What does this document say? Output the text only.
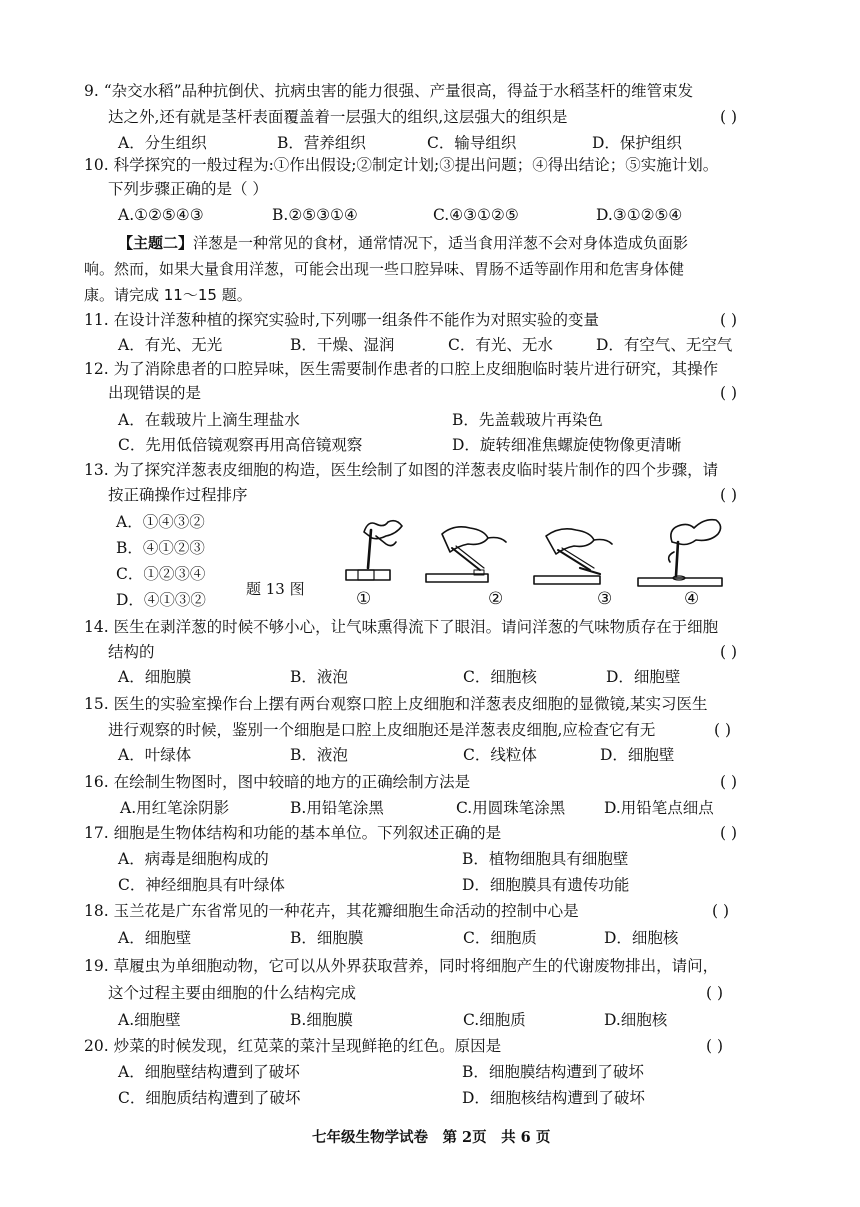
9. “杂交水稻”品种抗倒伏、抗病虫害的能力很强、产量很高，得益于水稻茎杆的维管束发
达之外,还有就是茎杆表面覆盖着一层强大的组织,这层强大的组织是	( )
A．分生组织	B．营养组织	C．输导组织	D．保护组织
10. 科学探究的一般过程为:①作出假设;②制定计划;③提出问题；④得出结论；⑤实施计划。
下列步骤正确的是（ ）
A.①②⑤④③	B.②⑤③①④	C.④③①②⑤	D.③①②⑤④
【主题二】洋葱是一种常见的食材，通常情况下，适当食用洋葱不会对身体造成负面影
响。然而，如果大量食用洋葱，可能会出现一些口腔异味、胃肠不适等副作用和危害身体健
康。请完成 11～15 题。
11. 在设计洋葱种植的探究实验时,下列哪一组条件不能作为对照实验的变量	( )
A．有光、无光	B．干燥、湿润	C．有光、无水	D．有空气、无空气
12. 为了消除患者的口腔异味，医生需要制作患者的口腔上皮细胞临时装片进行研究，其操作
出现错误的是	( )
A．在载玻片上滴生理盐水	B．先盖载玻片再染色
C．先用低倍镜观察再用高倍镜观察	D．旋转细准焦螺旋使物像更清晰
13. 为了探究洋葱表皮细胞的构造，医生绘制了如图的洋葱表皮临时装片制作的四个步骤，请
按正确操作过程排序	( )
A．①④③②
B．④①②③
C．①②③④
D．④①③②
题 13 图	①	②	③	④
14. 医生在剥洋葱的时候不够小心，让气味熏得流下了眼泪。请问洋葱的气味物质存在于细胞
结构的	( )
A．细胞膜	B．液泡	C．细胞核	D．细胞壁
15. 医生的实验室操作台上摆有两台观察口腔上皮细胞和洋葱表皮细胞的显微镜,某实习医生
进行观察的时候，鉴别一个细胞是口腔上皮细胞还是洋葱表皮细胞,应检查它有无	( )
A．叶绿体	B．液泡	C．线粒体	D．细胞壁
16. 在绘制生物图时，图中较暗的地方的正确绘制方法是	( )
A.用红笔涂阴影	B.用铅笔涂黑	C.用圆珠笔涂黑	D.用铅笔点细点
17. 细胞是生物体结构和功能的基本单位。下列叙述正确的是	( )
A．病毒是细胞构成的	B．植物细胞具有细胞壁
C．神经细胞具有叶绿体	D．细胞膜具有遗传功能
18. 玉兰花是广东省常见的一种花卉，其花瓣细胞生命活动的控制中心是	( )
A．细胞壁	B．细胞膜	C．细胞质	D．细胞核
19. 草履虫为单细胞动物，它可以从外界获取营养，同时将细胞产生的代谢废物排出，请问，
这个过程主要由细胞的什么结构完成	( )
A.细胞壁	B.细胞膜	C.细胞质	D.细胞核
20. 炒菜的时候发现，红苋菜的菜汁呈现鲜艳的红色。原因是	( )
A．细胞壁结构遭到了破坏	B．细胞膜结构遭到了破坏
C．细胞质结构遭到了破坏	D．细胞核结构遭到了破坏
七年级生物学试卷　第 2页　共 6 页
